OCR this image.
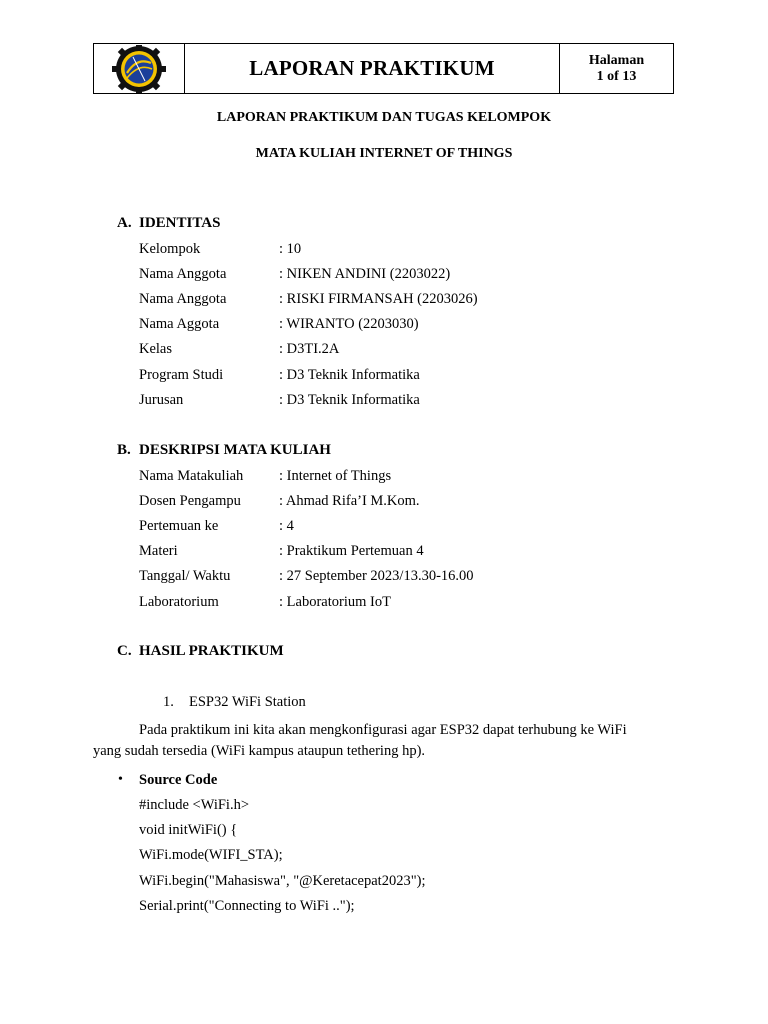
LAPORAN PRAKTIKUM	Halaman
1 of 13
LAPORAN PRAKTIKUM DAN TUGAS KELOMPOK
MATA KULIAH INTERNET OF THINGS
A. IDENTITAS
Kelompok	: 10
Nama Anggota	: NIKEN ANDINI (2203022)
Nama Anggota	: RISKI FIRMANSAH (2203026)
Nama Aggota	: WIRANTO (2203030)
Kelas	: D3TI.2A
Program Studi	: D3 Teknik Informatika
Jurusan	: D3 Teknik Informatika
B. DESKRIPSI MATA KULIAH
Nama Matakuliah : Internet of Things
Dosen Pengampu	: Ahmad Rifa’I M.Kom.
Pertemuan ke	: 4
Materi	: Praktikum Pertemuan 4
Tanggal/ Waktu	: 27 September 2023/13.30-16.00
Laboratorium	: Laboratorium IoT
C. HASIL PRAKTIKUM
1. ESP32 WiFi Station
Pada praktikum ini kita akan mengkonfigurasi agar ESP32 dapat terhubung ke WiFi
yang sudah tersedia (WiFi kampus ataupun tethering hp).
• Source Code
#include <WiFi.h>
void initWiFi() {
WiFi.mode(WIFI_STA);
WiFi.begin("Mahasiswa", "@Keretacepat2023");
Serial.print("Connecting to WiFi ..");
